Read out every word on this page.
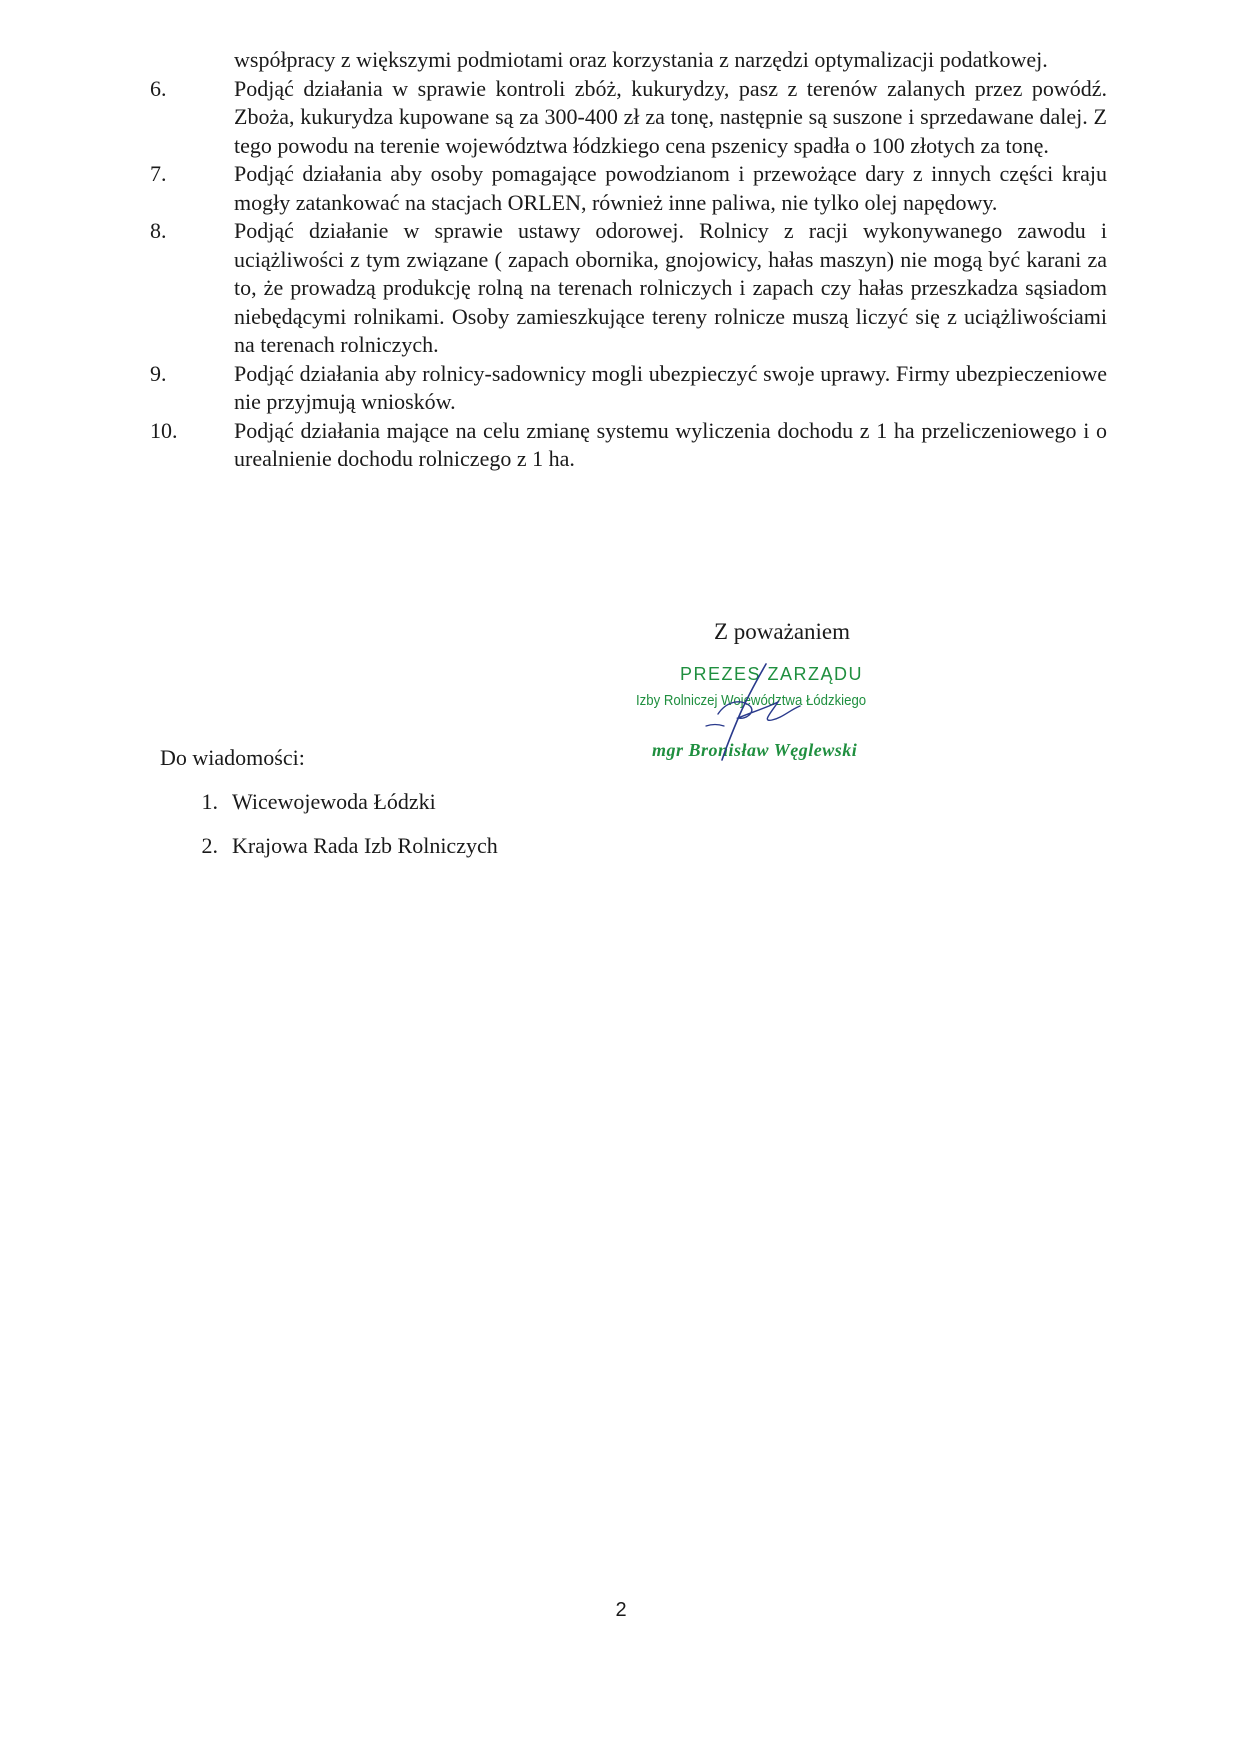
współpracy z większymi podmiotami oraz korzystania z narzędzi optymalizacji podatkowej.
6.	Podjąć działania w sprawie kontroli zbóż, kukurydzy, pasz z terenów zalanych przez powódź. Zboża, kukurydza kupowane są za 300-400 zł za tonę, następnie są suszone i sprzedawane dalej. Z tego powodu na terenie województwa łódzkiego cena pszenicy spadła o 100 złotych za tonę.
7.	Podjąć działania aby osoby pomagające powodzianom i przewożące dary z innych części kraju mogły zatankować na stacjach ORLEN, również inne paliwa, nie tylko olej napędowy.
8.	Podjąć działanie w sprawie ustawy odorowej. Rolnicy z racji wykonywanego zawodu i uciążliwości z tym związane ( zapach obornika, gnojowicy, hałas maszyn) nie mogą być karani za to, że prowadzą produkcję rolną na terenach rolniczych i zapach czy hałas przeszkadza sąsiadom niebędącymi rolnikami. Osoby zamieszkujące tereny rolnicze muszą liczyć się z uciążliwościami na terenach rolniczych.
9.	Podjąć działania aby rolnicy-sadownicy mogli ubezpieczyć swoje uprawy. Firmy ubezpieczeniowe nie przyjmują wniosków.
10.	Podjąć działania mające na celu zmianę systemu wyliczenia dochodu z 1 ha przeliczeniowego i o urealnienie dochodu rolniczego z 1 ha.
Z poważaniem
PREZES ZARZĄDU
Izby Rolniczej Województwa Łódzkiego
mgr Bronisław Węglewski
Do wiadomości:
1. Wicewojewoda Łódzki
2. Krajowa Rada Izb Rolniczych
2
